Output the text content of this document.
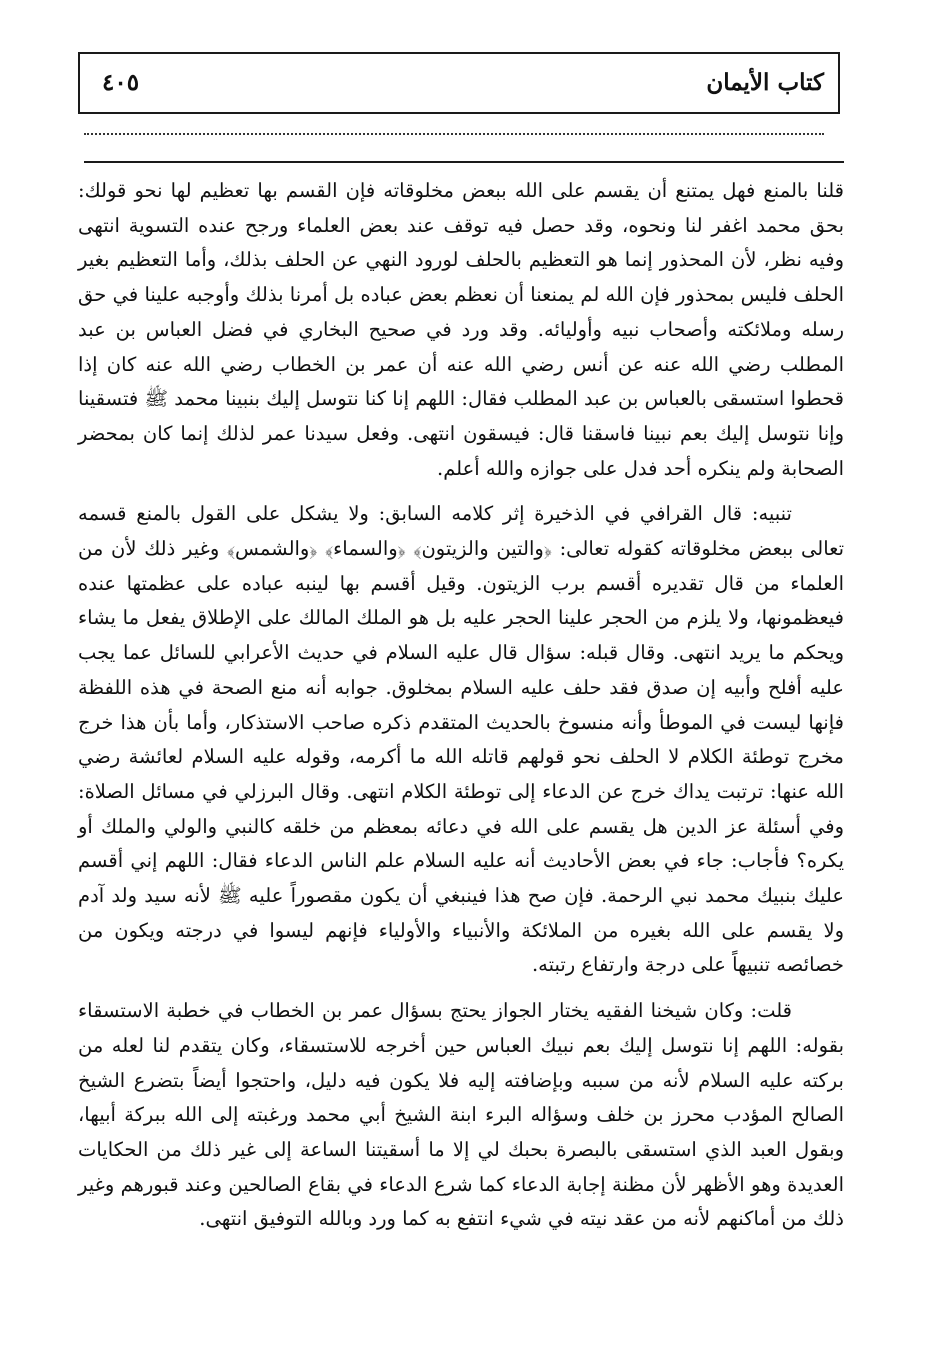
كتاب الأيمان
٤٠٥

قلنا بالمنع فهل يمتنع أن يقسم على الله ببعض مخلوقاته فإن القسم بها تعظيم لها نحو قولك: بحق محمد اغفر لنا ونحوه، وقد حصل فيه توقف عند بعض العلماء ورجح عنده التسوية انتهى وفيه نظر، لأن المحذور إنما هو التعظيم بالحلف لورود النهي عن الحلف بذلك، وأما التعظيم بغير الحلف فليس بمحذور فإن الله لم يمنعنا أن نعظم بعض عباده بل أمرنا بذلك وأوجبه علينا في حق رسله وملائكته وأصحاب نبيه وأوليائه. وقد ورد في صحيح البخاري في فضل العباس بن عبد المطلب رضي الله عنه عن أنس رضي الله عنه أن عمر بن الخطاب رضي الله عنه كان إذا قحطوا استسقى بالعباس بن عبد المطلب فقال: اللهم إنا كنا نتوسل إليك بنبينا محمد ﷺ فتسقينا وإنا نتوسل إليك بعم نبينا فاسقنا قال: فيسقون انتهى. وفعل سيدنا عمر لذلك إنما كان بمحضر الصحابة ولم ينكره أحد فدل على جوازه والله أعلم.

تنبيه: قال القرافي في الذخيرة إثر كلامه السابق: ولا يشكل على القول بالمنع قسمه تعالى ببعض مخلوقاته كقوله تعالى: ﴿والتين والزيتون﴾ ﴿والسماء﴾ ﴿والشمس﴾ وغير ذلك لأن من العلماء من قال تقديره أقسم برب الزيتون. وقيل أقسم بها لينبه عباده على عظمتها عنده فيعظمونها، ولا يلزم من الحجر علينا الحجر عليه بل هو الملك المالك على الإطلاق يفعل ما يشاء ويحكم ما يريد انتهى. وقال قبله: سؤال قال عليه السلام في حديث الأعرابي للسائل عما يجب عليه أفلح وأبيه إن صدق فقد حلف عليه السلام بمخلوق. جوابه أنه منع الصحة في هذه اللفظة فإنها ليست في الموطأ وأنه منسوخ بالحديث المتقدم ذكره صاحب الاستذكار، وأما بأن هذا خرج مخرج توطئة الكلام لا الحلف نحو قولهم قاتله الله ما أكرمه، وقوله عليه السلام لعائشة رضي الله عنها: ترتبت يداك خرج عن الدعاء إلى توطئة الكلام انتهى. وقال البرزلي في مسائل الصلاة: وفي أسئلة عز الدين هل يقسم على الله في دعائه بمعظم من خلقه كالنبي والولي والملك أو يكره؟ فأجاب: جاء في بعض الأحاديث أنه عليه السلام علم الناس الدعاء فقال: اللهم إني أقسم عليك بنبيك محمد نبي الرحمة. فإن صح هذا فينبغي أن يكون مقصوراً عليه ﷺ لأنه سيد ولد آدم ولا يقسم على الله بغيره من الملائكة والأنبياء والأولياء فإنهم ليسوا في درجته ويكون من خصائصه تنبيهاً على درجة وارتفاع رتبته.

قلت: وكان شيخنا الفقيه يختار الجواز يحتج بسؤال عمر بن الخطاب في خطبة الاستسقاء بقوله: اللهم إنا نتوسل إليك بعم نبيك العباس حين أخرجه للاستسقاء، وكان يتقدم لنا لعله من بركته عليه السلام لأنه من سببه وبإضافته إليه فلا يكون فيه دليل، واحتجوا أيضاً بتضرع الشيخ الصالح المؤدب محرز بن خلف وسؤاله البرء ابنة الشيخ أبي محمد ورغبته إلى الله ببركة أبيها، وبقول العبد الذي استسقى بالبصرة بحبك لي إلا ما أسقيتنا الساعة إلى غير ذلك من الحكايات العديدة وهو الأظهر لأن مظنة إجابة الدعاء كما شرع الدعاء في بقاع الصالحين وعند قبورهم وغير ذلك من أماكنهم لأنه من عقد نيته في شيء انتفع به كما ورد وبالله التوفيق انتهى.
